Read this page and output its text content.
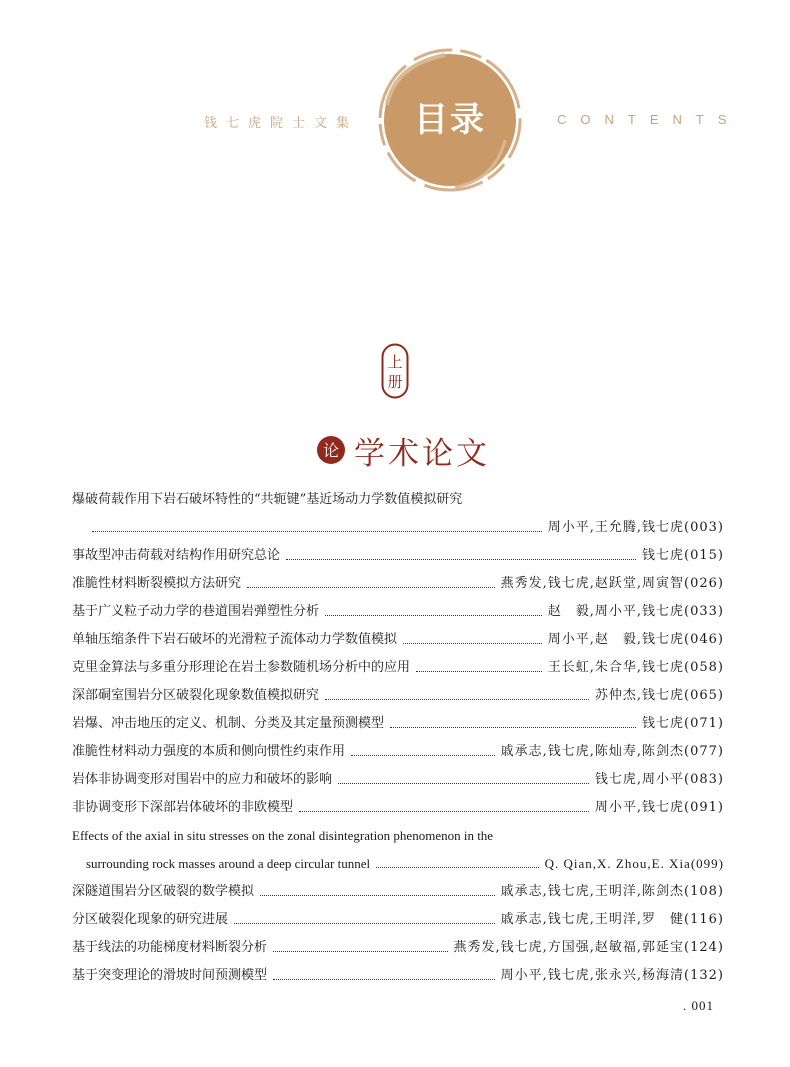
钱七虎院士文集	目录	CONTENTS
上
册
论 学术论文
爆破荷载作用下岩石破坏特性的“共轭键”基近场动力学数值模拟研究
周小平,王允腾,钱七虎 (003)
事故型冲击荷载对结构作用研究总论	钱七虎 (015)
准脆性材料断裂模拟方法研究	燕秀发,钱七虎,赵跃堂,周寅智 (026)
基于广义粒子动力学的巷道围岩弹塑性分析	赵　毅,周小平,钱七虎 (033)
单轴压缩条件下岩石破坏的光滑粒子流体动力学数值模拟	周小平,赵　毅,钱七虎 (046)
克里金算法与多重分形理论在岩土参数随机场分析中的应用	王长虹,朱合华,钱七虎 (058)
深部硐室围岩分区破裂化现象数值模拟研究	苏仲杰,钱七虎 (065)
岩爆、冲击地压的定义、机制、分类及其定量预测模型	钱七虎 (071)
准脆性材料动力强度的本质和侧向惯性约束作用	戚承志,钱七虎,陈灿寿,陈剑杰 (077)
岩体非协调变形对围岩中的应力和破坏的影响	钱七虎,周小平 (083)
非协调变形下深部岩体破坏的非欧模型	周小平,钱七虎 (091)
Effects of the axial in situ stresses on the zonal disintegration phenomenon in the
surrounding rock masses around a deep circular tunnel	Q. Qian,X. Zhou,E. Xia (099)
深隧道围岩分区破裂的数学模拟	戚承志,钱七虎,王明洋,陈剑杰 (108)
分区破裂化现象的研究进展	戚承志,钱七虎,王明洋,罗　健 (116)
基于线法的功能梯度材料断裂分析	燕秀发,钱七虎,方国强,赵敏福,郭延宝 (124)
基于突变理论的滑坡时间预测模型	周小平,钱七虎,张永兴,杨海清 (132)
. 001
